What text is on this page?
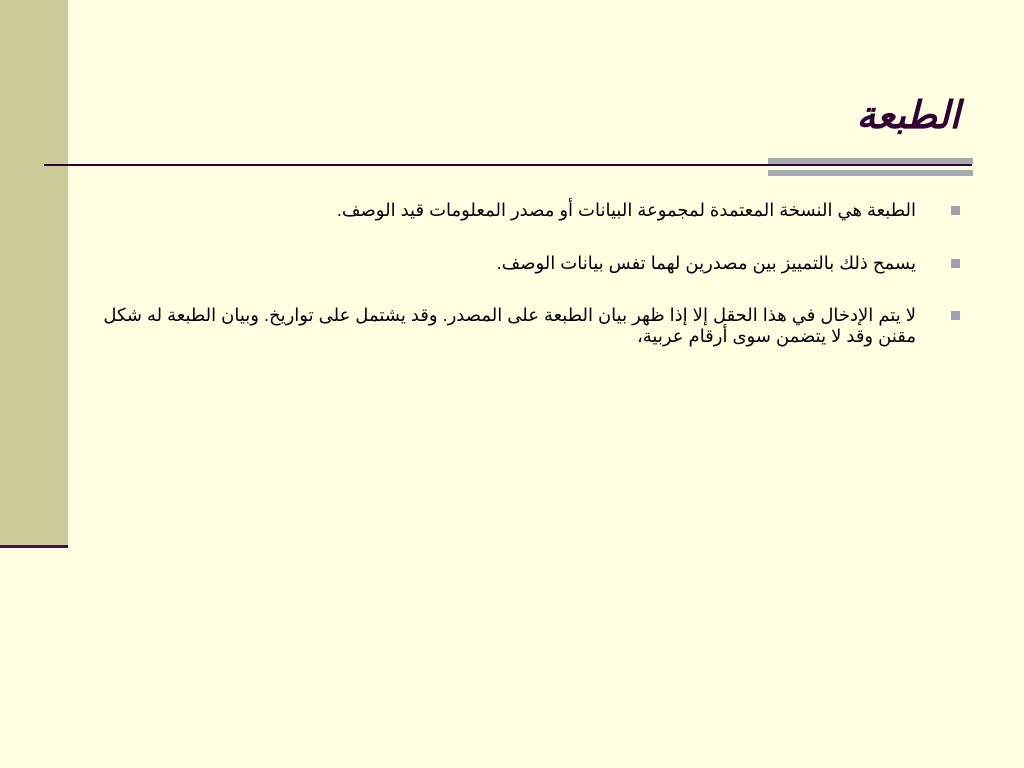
الطبعة
الطبعة هي النسخة المعتمدة لمجموعة البيانات أو مصدر المعلومات قيد الوصف.
يسمح ذلك بالتمييز بين مصدرين لهما تفس بيانات الوصف.
لا يتم الإدخال في هذا الحقل إلا إذا ظهر بيان الطبعة على المصدر. وقد يشتمل على تواريخ. وبيان الطبعة له شكل مقنن وقد لا يتضمن سوى أرقام عربية،
